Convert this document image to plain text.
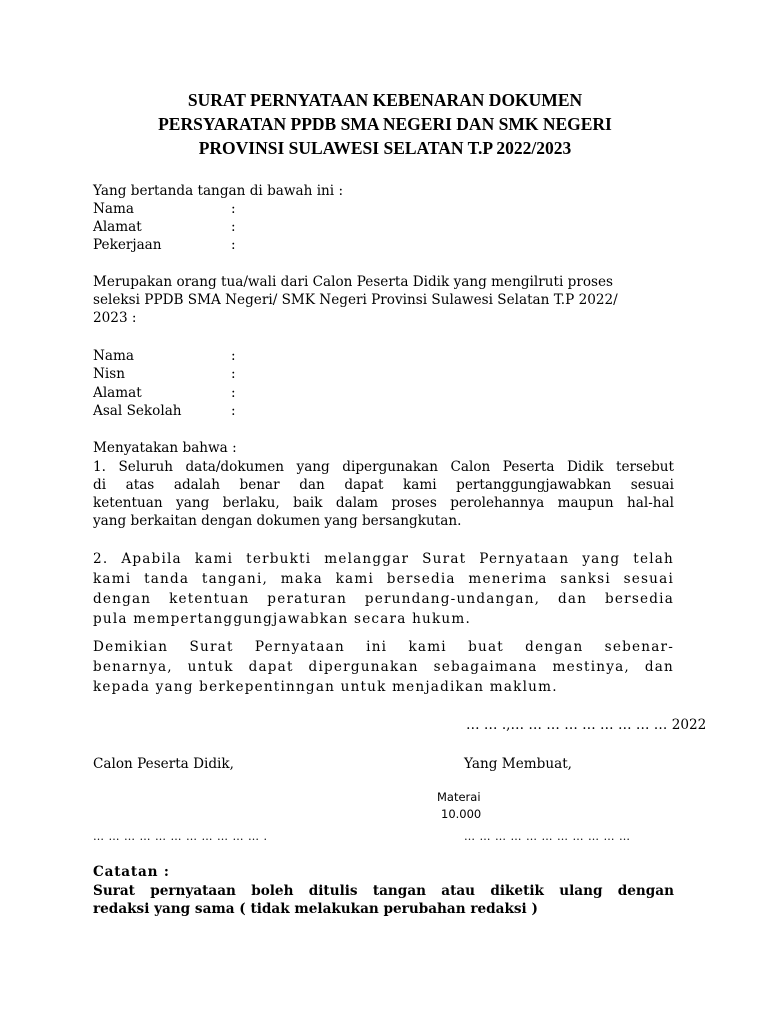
SURAT PERNYATAAN KEBENARAN DOKUMEN
PERSYARATAN PPDB SMA NEGERI DAN SMK NEGERI
PROVINSI SULAWESI SELATAN T.P 2022/2023
Yang bertanda tangan di bawah ini :
Nama	:
Alamat	:
Pekerjaan	:
Merupakan orang tua/wali dari Calon Peserta Didik yang mengilruti proses
seleksi PPDB SMA Negeri/ SMK Negeri Provinsi Sulawesi Selatan T.P 2022/
2023 :
Nama	:
Nisn	:
Alamat	:
Asal Sekolah	:
Menyatakan bahwa :
1. Seluruh data/dokumen yang dipergunakan Calon Peserta Didik tersebut
di atas adalah benar dan dapat kami pertanggungjawabkan sesuai
ketentuan yang berlaku, baik dalam proses perolehannya maupun hal-hal
yang berkaitan dengan dokumen yang bersangkutan.
2. Apabila kami terbukti melanggar Surat Pernyataan yang telah
kami tanda tangani, maka kami bersedia menerima sanksi sesuai
dengan ketentuan peraturan perundang-undangan, dan bersedia
pula mempertanggungjawabkan secara hukum.
Demikian Surat Pernyataan ini kami buat dengan sebenar-
benarnya, untuk dapat dipergunakan sebagaimana mestinya, dan
kepada yang berkepentinngan untuk menjadikan maklum.
… … .,… … … … … … … … … 2022
Calon Peserta Didik,	Yang Membuat,
Materai
10.000
… … … … … … … … … … … .	… … … … … … … … … … …
Catatan :
Surat pernyataan boleh ditulis tangan atau diketik ulang dengan
redaksi yang sama ( tidak melakukan perubahan redaksi )
